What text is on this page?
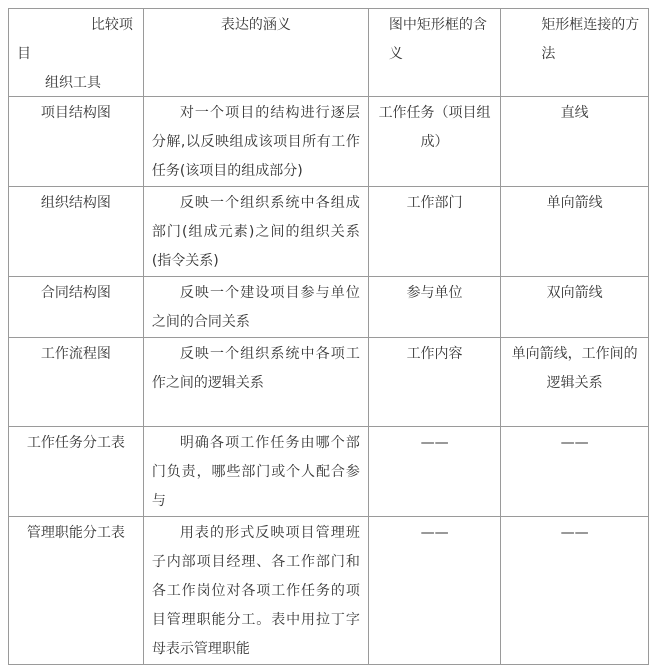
比较项
目
组织工具	表达的涵义	图中矩形框的含义	矩形框连接的方法
项目结构图	对一个项目的结构进行逐层分解,以反映组成该项目所有工作任务(该项目的组成部分)	工作任务（项目组成）	直线
组织结构图	反映一个组织系统中各组成部门(组成元素)之间的组织关系(指令关系)	工作部门	单向箭线
合同结构图	反映一个建设项目参与单位之间的合同关系	参与单位	双向箭线
工作流程图	反映一个组织系统中各项工作之间的逻辑关系	工作内容	单向箭线，工作间的逻辑关系
工作任务分工表	明确各项工作任务由哪个部门负责，哪些部门或个人配合参与	——	——
管理职能分工表	用表的形式反映项目管理班子内部项目经理、各工作部门和各工作岗位对各项工作任务的项目管理职能分工。表中用拉丁字母表示管理职能	——	——
